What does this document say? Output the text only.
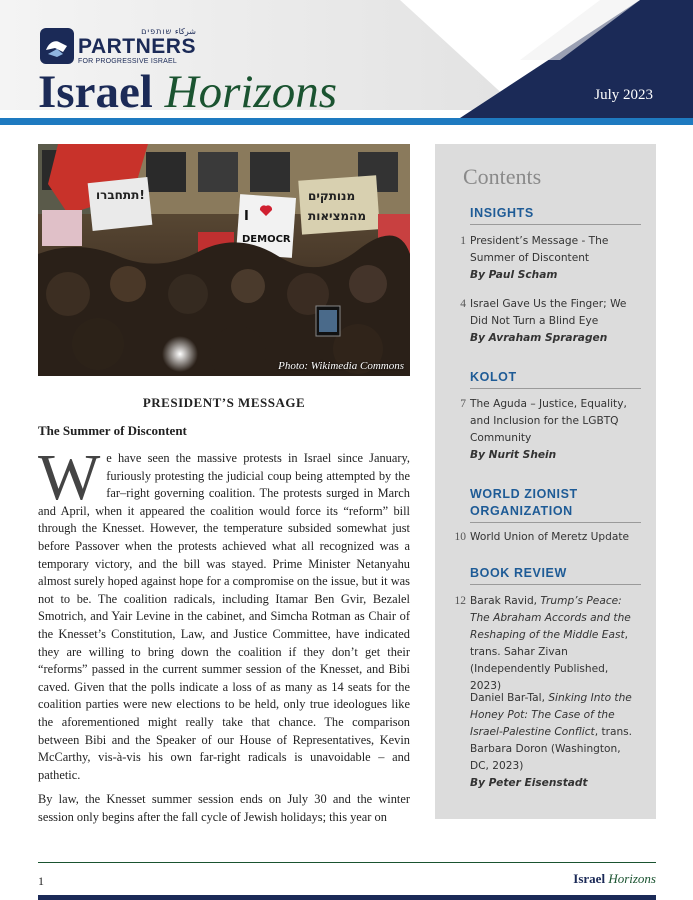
شركاء שותפים
PARTNERS
FOR PROGRESSIVE ISRAEL
Israel Horizons	July 2023
תתחברו!
I
DEMOCR
מנותקים
מהמציאות
Photo: Wikimedia Commons
PRESIDENT’S MESSAGE
The Summer of Discontent

We have seen the massive protests in Israel since January, furiously protesting the judicial coup being attempted by the far–right governing coalition. The protests surged in March and April, when it appeared the coalition would force its “reform” bill through the Knesset. However, the temperature subsided somewhat just before Passover when the protests achieved what all recognized was a temporary victory, and the bill was stayed. Prime Minister Netanyahu almost surely hoped against hope for a compromise on the issue, but it was not to be. The coalition radicals, including Itamar Ben Gvir, Bezalel Smotrich, and Yair Levine in the cabinet, and Simcha Rotman as Chair of the Knesset’s Constitution, Law, and Justice Committee, have indicated they are willing to bring down the coalition if they don’t get their “reforms” passed in the current summer session of the Knesset, and Bibi caved. Given that the polls indicate a loss of as many as 14 seats for the coalition parties were new elections to be held, only true ideologues like the aforementioned might really take that chance. The comparison between Bibi and the Speaker of our House of Representatives, Kevin McCarthy, vis-à-vis his own far-right radicals is unavoidable – and pathetic.

By law, the Knesset summer session ends on July 30 and the winter session only begins after the fall cycle of Jewish holidays; this year on

Contents
INSIGHTS
1 President’s Message - The Summer of Discontent
By Paul Scham
4 Israel Gave Us the Finger; We Did Not Turn a Blind Eye
By Avraham Spraragen
KOLOT
7 The Aguda – Justice, Equality, and Inclusion for the LGBTQ Community
By Nurit Shein
WORLD ZIONIST
ORGANIZATION
10 World Union of Meretz Update
BOOK REVIEW
12 Barak Ravid, Trump’s Peace: The Abraham Accords and the Reshaping of the Middle East, trans. Sahar Zivan (Independently Published, 2023)
Daniel Bar-Tal, Sinking Into the Honey Pot: The Case of the Israel-Palestine Conflict, trans. Barbara Doron (Washington, DC, 2023)
By Peter Eisenstadt
1	Israel Horizons
